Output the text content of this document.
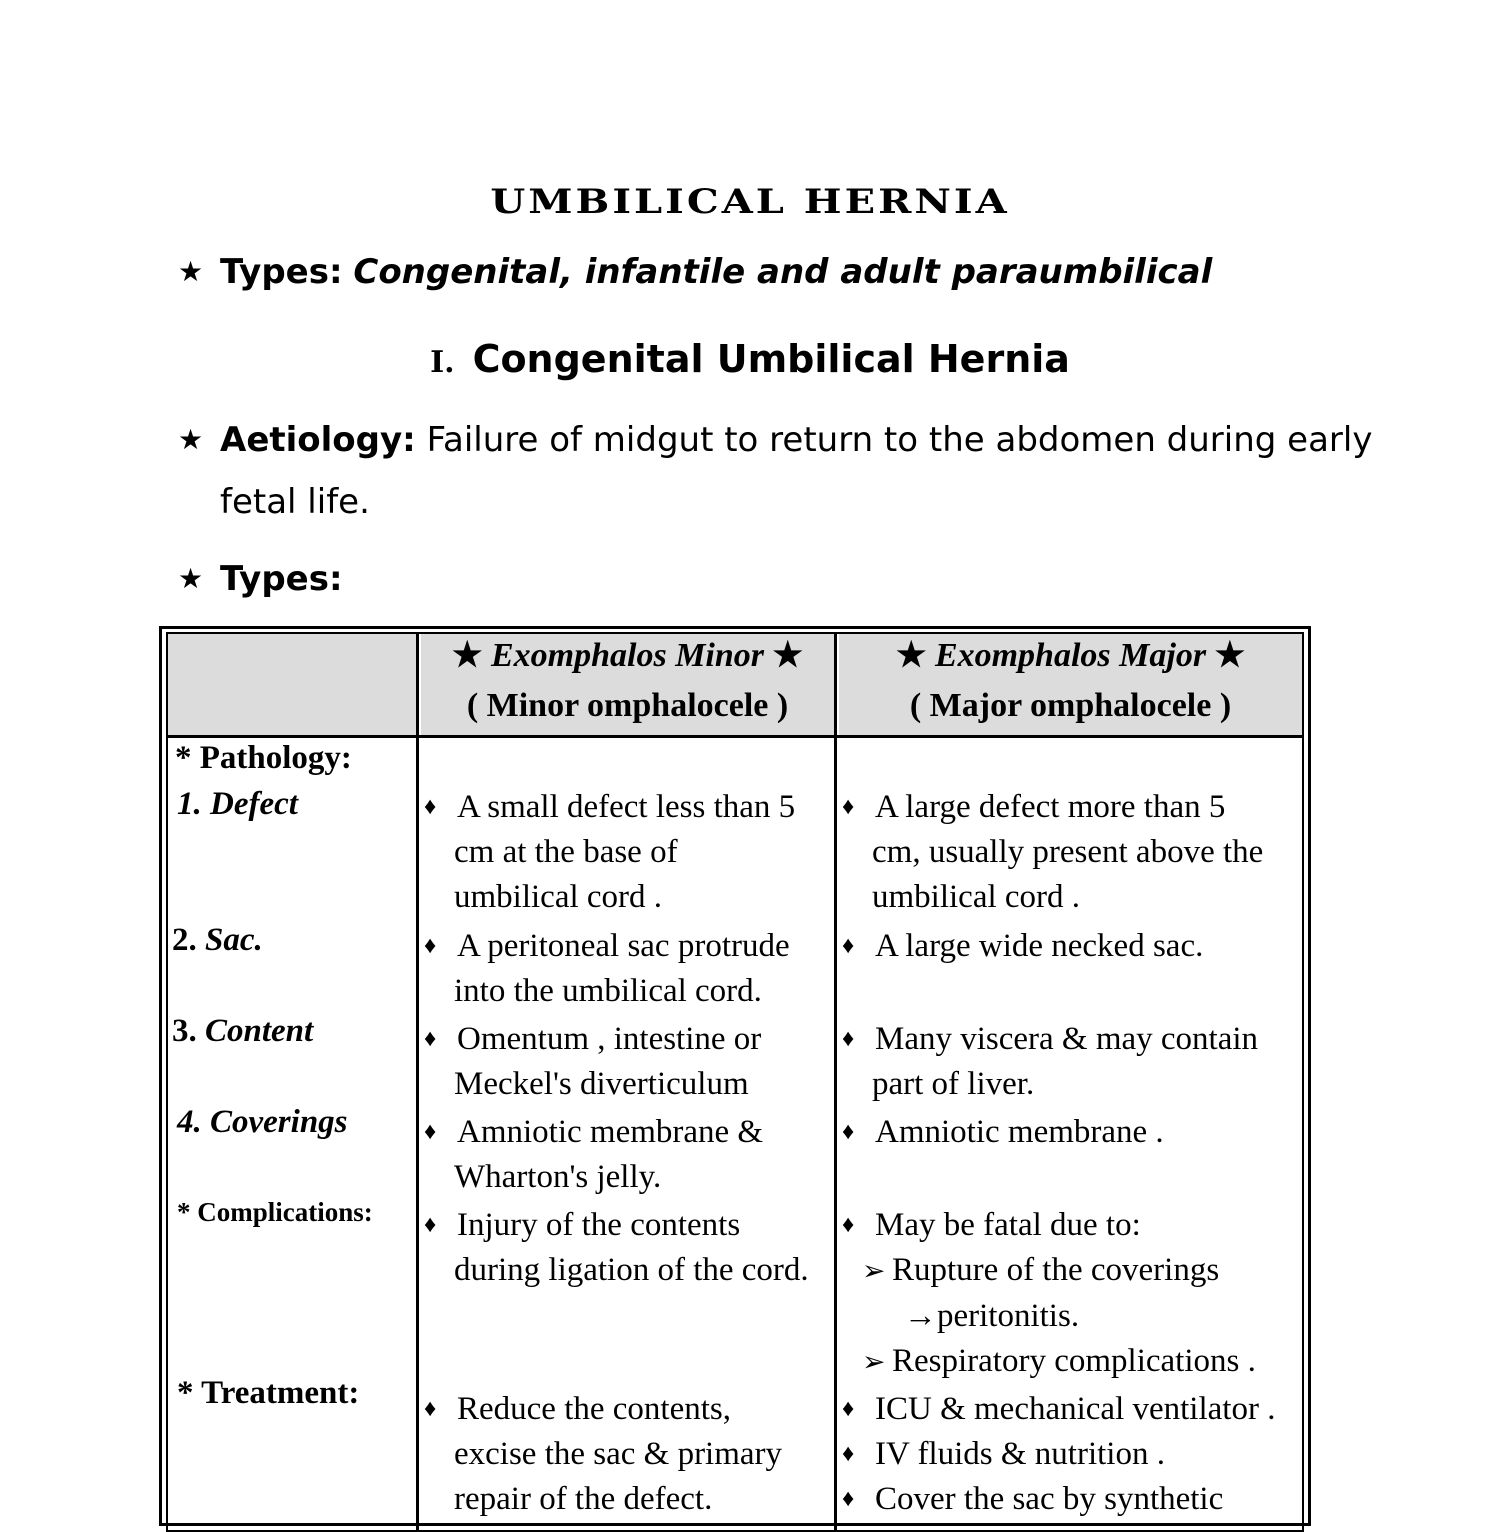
UMBILICAL HERNIA
★ Types: Congenital, infantile and adult paraumbilical
I. Congenital Umbilical Hernia
★ Aetiology: Failure of midgut to return to the abdomen during early
fetal life.
★ Types:
★ Exomphalos Minor ★
( Minor omphalocele )
★ Exomphalos Major ★
( Major omphalocele )
* Pathology:
1. Defect
2. Sac.
3. Content
4. Coverings
* Complications:
* Treatment:
♦ A small defect less than 5
cm at the base of
umbilical cord .
♦ A peritoneal sac protrude
into the umbilical cord.
♦ Omentum , intestine or
Meckel's diverticulum
♦ Amniotic membrane &
Wharton's jelly.
♦ Injury of the contents
during ligation of the cord.
♦ Reduce the contents,
excise the sac & primary
repair of the defect.
♦ A large defect more than 5
cm, usually present above the
umbilical cord .
♦ A large wide necked sac.
♦ Many viscera & may contain
part of liver.
♦ Amniotic membrane .
♦ May be fatal due to:
➢ Rupture of the coverings
→peritonitis.
➢ Respiratory complications .
♦ ICU & mechanical ventilator .
♦ IV fluids & nutrition .
♦ Cover the sac by synthetic
